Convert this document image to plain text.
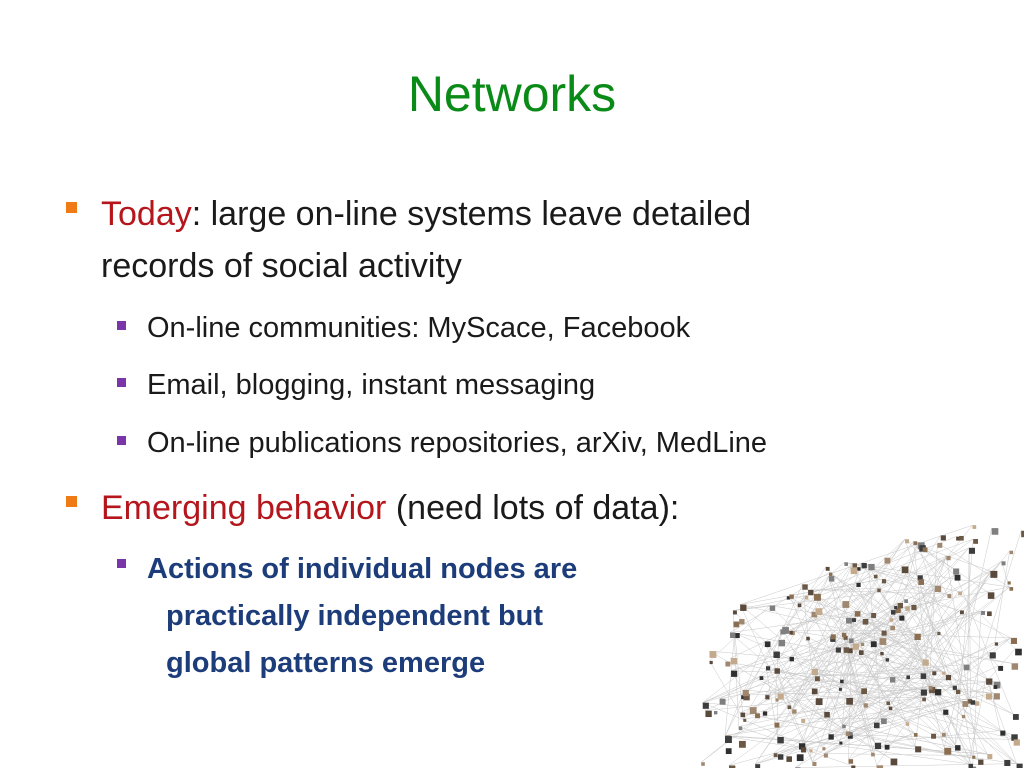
Networks
Today: large on-line systems leave detailed
records of social activity
On-line communities: MyScace, Facebook
Email, blogging, instant messaging
On-line publications repositories, arXiv, MedLine
Emerging behavior (need lots of data):
Actions of individual nodes are
practically independent but
global patterns emerge
